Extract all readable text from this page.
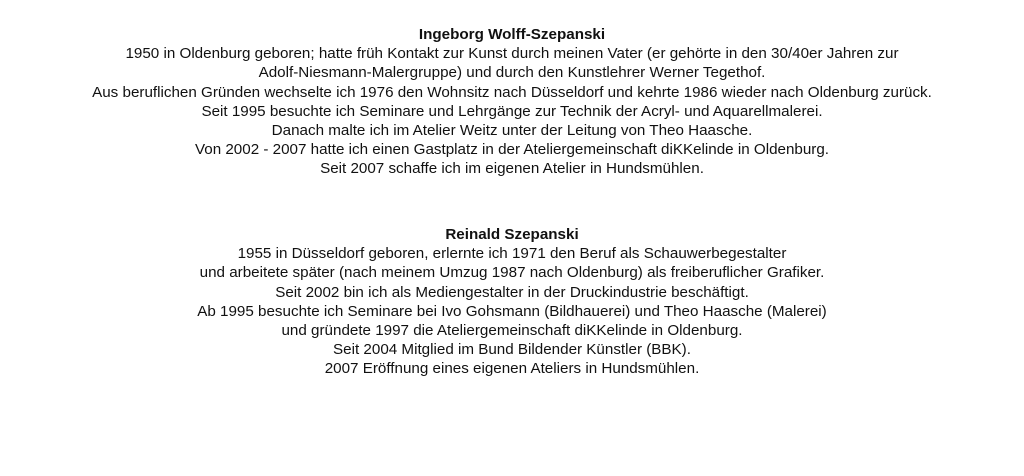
Ingeborg Wolff-Szepanski
1950 in Oldenburg geboren; hatte früh Kontakt zur Kunst durch meinen Vater (er gehörte in den 30/40er Jahren zur
Adolf-Niesmann-Malergruppe) und durch den Kunstlehrer Werner Tegethof.
Aus beruflichen Gründen wechselte ich 1976 den Wohnsitz nach Düsseldorf und kehrte 1986 wieder nach Oldenburg zurück.
Seit 1995 besuchte ich Seminare und Lehrgänge zur Technik der Acryl- und Aquarellmalerei.
Danach malte ich im Atelier Weitz unter der Leitung von Theo Haasche.
Von 2002 - 2007 hatte ich einen Gastplatz in der Ateliergemeinschaft diKKelinde in Oldenburg.
Seit 2007 schaffe ich im eigenen Atelier in Hundsmühlen.
Reinald Szepanski
1955 in Düsseldorf geboren, erlernte ich 1971 den Beruf als Schauwerbegestalter
und arbeitete später (nach meinem Umzug 1987 nach Oldenburg) als freiberuflicher Grafiker.
Seit 2002 bin ich als Mediengestalter in der Druckindustrie beschäftigt.
Ab 1995 besuchte ich Seminare bei Ivo Gohsmann (Bildhauerei) und Theo Haasche (Malerei)
und gründete 1997 die Ateliergemeinschaft diKKelinde in Oldenburg.
Seit 2004 Mitglied im Bund Bildender Künstler (BBK).
2007 Eröffnung eines eigenen Ateliers in Hundsmühlen.
